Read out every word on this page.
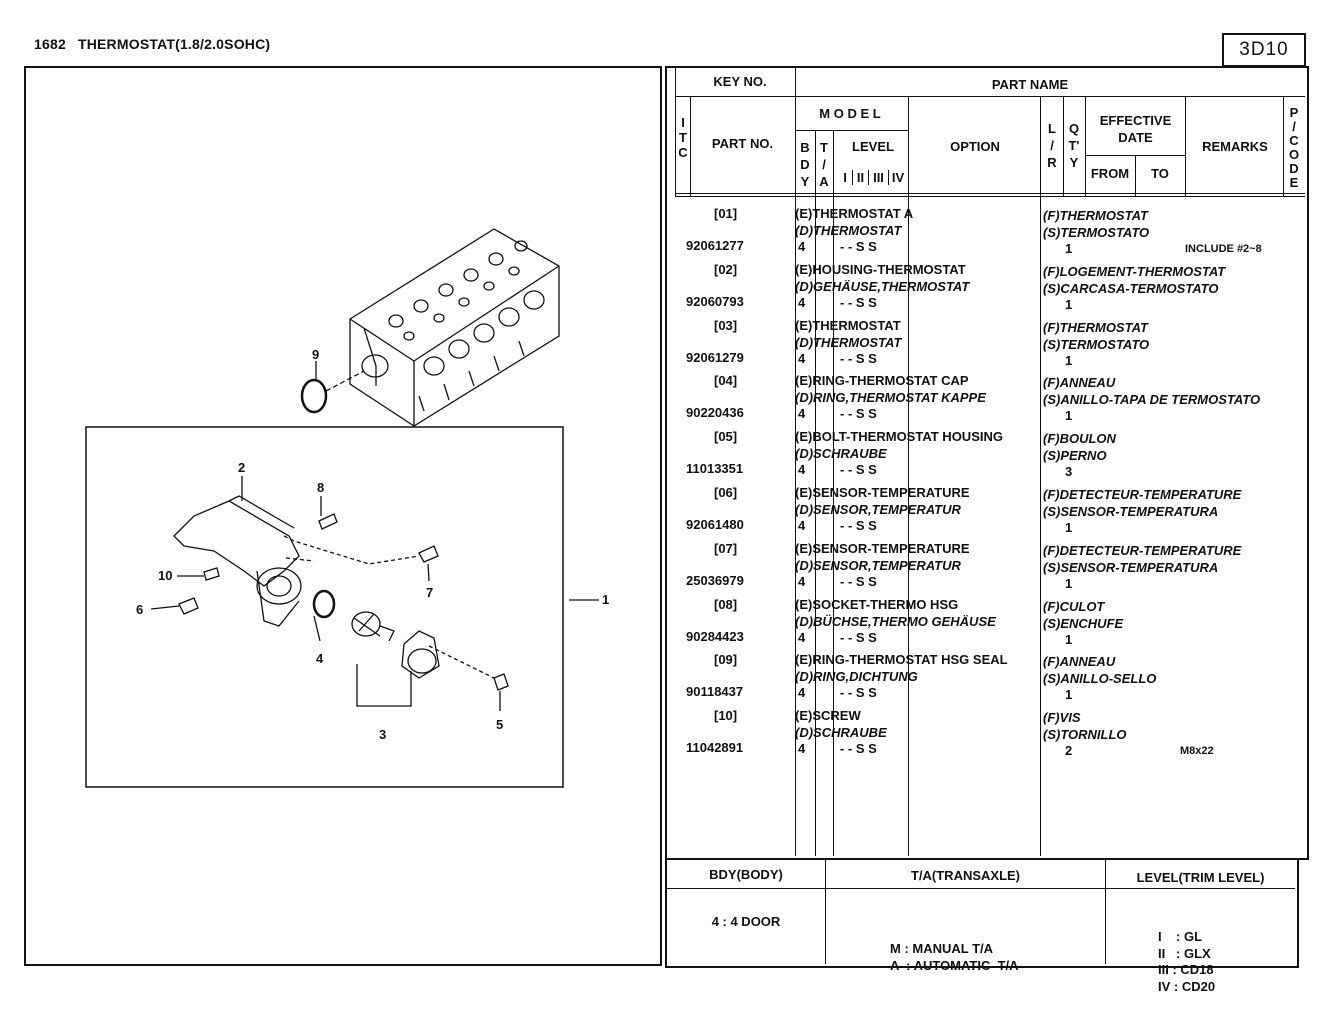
1682 THERMOSTAT(1.8/2.0SOHC)	3D10
1
2
3
4
5
6
7
8
9
10
KEY NO.	PART NAME
I
T
C
PART NO.
M O D E L
B
D
Y
T
/
A
LEVEL
I II III IV
OPTION
L
/
R
Q
T'
Y
EFFECTIVE DATE
FROM	TO
REMARKS
P
/
C
O
D
E
[01]	(E)THERMOSTAT A
(D)THERMOSTAT
(F)THERMOSTAT
(S)TERMOSTATO
92061277	4	- - S S	1	INCLUDE #2~8
[02]	(E)HOUSING-THERMOSTAT
(D)GEHÄUSE,THERMOSTAT
(F)LOGEMENT-THERMOSTAT
(S)CARCASA-TERMOSTATO
92060793	4	- - S S	1
[03]	(E)THERMOSTAT
(D)THERMOSTAT
(F)THERMOSTAT
(S)TERMOSTATO
92061279	4	- - S S	1
[04]	(E)RING-THERMOSTAT CAP
(D)RING,THERMOSTAT KAPPE
(F)ANNEAU
(S)ANILLO-TAPA DE TERMOSTATO
90220436	4	- - S S	1
[05]	(E)BOLT-THERMOSTAT HOUSING
(D)SCHRAUBE
(F)BOULON
(S)PERNO
11013351	4	- - S S	3
[06]	(E)SENSOR-TEMPERATURE
(D)SENSOR,TEMPERATUR
(F)DETECTEUR-TEMPERATURE
(S)SENSOR-TEMPERATURA
92061480	4	- - S S	1
[07]	(E)SENSOR-TEMPERATURE
(D)SENSOR,TEMPERATUR
(F)DETECTEUR-TEMPERATURE
(S)SENSOR-TEMPERATURA
25036979	4	- - S S	1
[08]	(E)SOCKET-THERMO HSG
(D)BÜCHSE,THERMO GEHÄUSE
(F)CULOT
(S)ENCHUFE
90284423	4	- - S S	1
[09]	(E)RING-THERMOSTAT HSG SEAL
(D)RING,DICHTUNG
(F)ANNEAU
(S)ANILLO-SELLO
90118437	4	- - S S	1
[10]	(E)SCREW
(D)SCHRAUBE
(F)VIS
(S)TORNILLO
11042891	4	- - S S	2	M8x22
BDY(BODY)	T/A(TRANSAXLE)	LEVEL(TRIM LEVEL)
4 : 4 DOOR

M : MANUAL T/A
A  : AUTOMATIC  T/A

I    : GL
II   : GLX
III : CD18
IV : CD20
